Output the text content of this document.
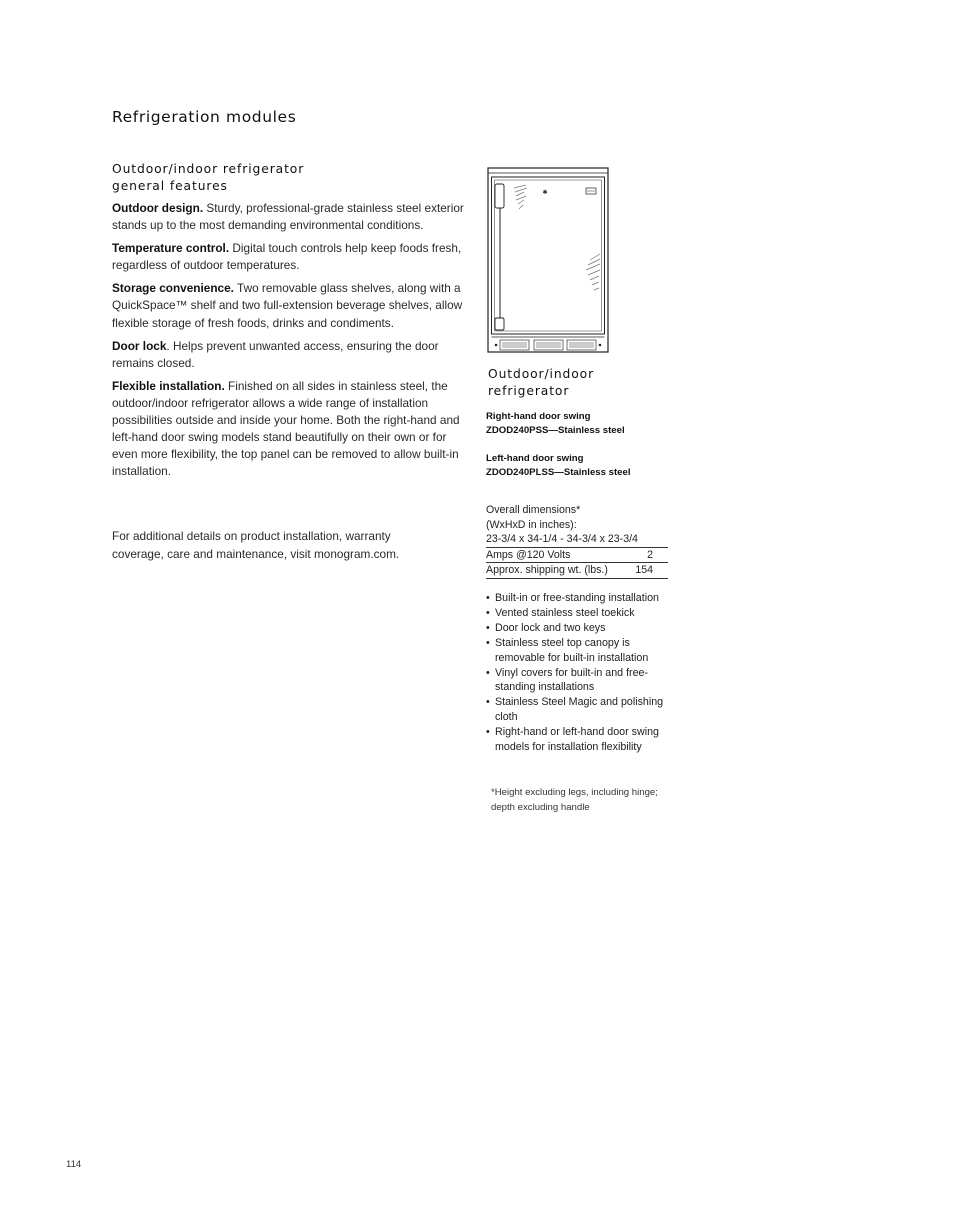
Refrigeration modules
Outdoor/indoor refrigerator
general features

Outdoor design. Sturdy, professional-grade stainless steel exterior stands up to the most demanding environmental conditions.

Temperature control. Digital touch controls help keep foods fresh, regardless of outdoor temperatures.

Storage convenience. Two removable glass shelves, along with a QuickSpace™ shelf and two full-extension beverage shelves, allow flexible storage of fresh foods, drinks and condiments.

Door lock. Helps prevent unwanted access, ensuring the door remains closed.

Flexible installation. Finished on all sides in stainless steel, the outdoor/indoor refrigerator allows a wide range of installation possibilities outside and inside your home. Both the right-hand and left-hand door swing models stand beautifully on their own or for even more flexibility, the top panel can be removed to allow built-in installation.

For additional details on product installation, warranty coverage, care and maintenance, visit monogram.com.

✱
Outdoor/indoor
refrigerator
Right-hand door swing
ZDOD240PSS—Stainless steel
Left-hand door swing
ZDOD240PLSS—Stainless steel
Overall dimensions*
(WxHxD in inches):
23-3/4 x 34-1/4 - 34-3/4 x 23-3/4
Amps @120 Volts	2
Approx. shipping wt. (lbs.)	154
• Built-in or free-standing installation
• Vented stainless steel toekick
• Door lock and two keys
• Stainless steel top canopy is removable for built-in installation
• Vinyl covers for built-in and free-standing installations
• Stainless Steel Magic and polishing cloth
• Right-hand or left-hand door swing models for installation flexibility

*Height excluding legs, including hinge; depth excluding handle

114
